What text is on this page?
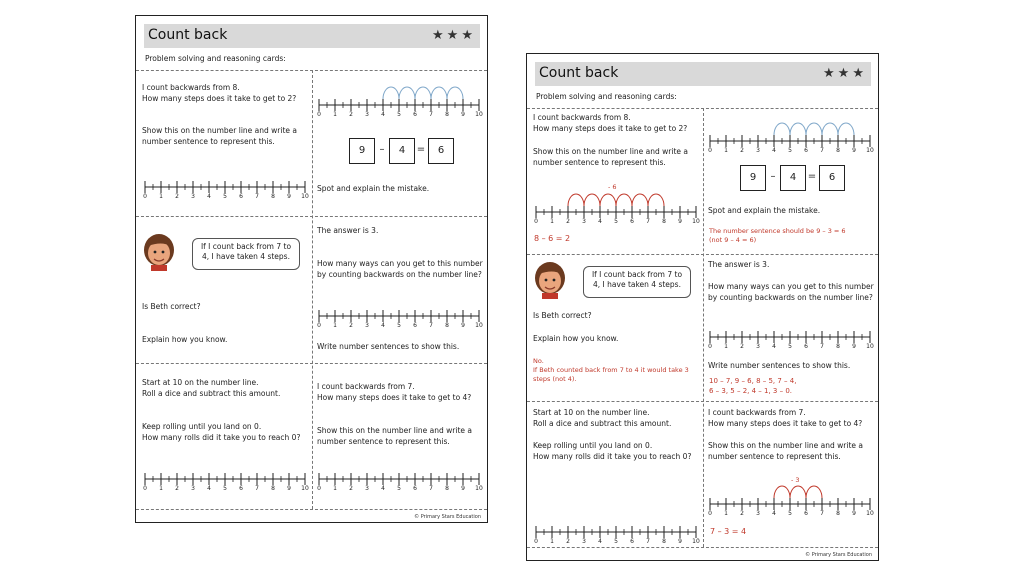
Count back	★★★
Problem solving and reasoning cards:
I count backwards from 8.
How many steps does it take to get to 2?
Show this on the number line and write a
number sentence to represent this.
0 1 2 3 4 5 6 7 8 9 10
0 1 2 3 4 5 6 7 8 9 10
9	–	4	=	6
Spot and explain the mistake.
If I count back from 7 to
4, I have taken 4 steps.
Is Beth correct?
Explain how you know.
The answer is 3.
How many ways can you get to this number
by counting backwards on the number line?
0 1 2 3 4 5 6 7 8 9 10
Write number sentences to show this.
Start at 10 on the number line.
Roll a dice and subtract this amount.
Keep rolling until you land on 0.
How many rolls did it take you to reach 0?
0 1 2 3 4 5 6 7 8 9 10
I count backwards from 7.
How many steps does it take to get to 4?
Show this on the number line and write a
number sentence to represent this.
0 1 2 3 4 5 6 7 8 9 10
© Primary Stars Education
Count back	★★★
Problem solving and reasoning cards:
I count backwards from 8.
How many steps does it take to get to 2?
Show this on the number line and write a
number sentence to represent this.
- 6
0 1 2 3 4 5 6 7 8 9 10
8 – 6 = 2
0 1 2 3 4 5 6 7 8 9 10
9	–	4	=	6
Spot and explain the mistake.
The number sentence should be 9 – 3 = 6
(not 9 – 4 = 6)
If I count back from 7 to
4, I have taken 4 steps.
Is Beth correct?
Explain how you know.
No.
If Beth counted back from 7 to 4 it would take 3
steps (not 4).
The answer is 3.
How many ways can you get to this number
by counting backwards on the number line?
0 1 2 3 4 5 6 7 8 9 10
Write number sentences to show this.
10 – 7, 9 – 6, 8 – 5, 7 – 4,
6 – 3, 5 – 2, 4 – 1, 3 – 0.
Start at 10 on the number line.
Roll a dice and subtract this amount.
Keep rolling until you land on 0.
How many rolls did it take you to reach 0?
0 1 2 3 4 5 6 7 8 9 10
I count backwards from 7.
How many steps does it take to get to 4?
Show this on the number line and write a
number sentence to represent this.
- 3
0 1 2 3 4 5 6 7 8 9 10
7 – 3 = 4
© Primary Stars Education
